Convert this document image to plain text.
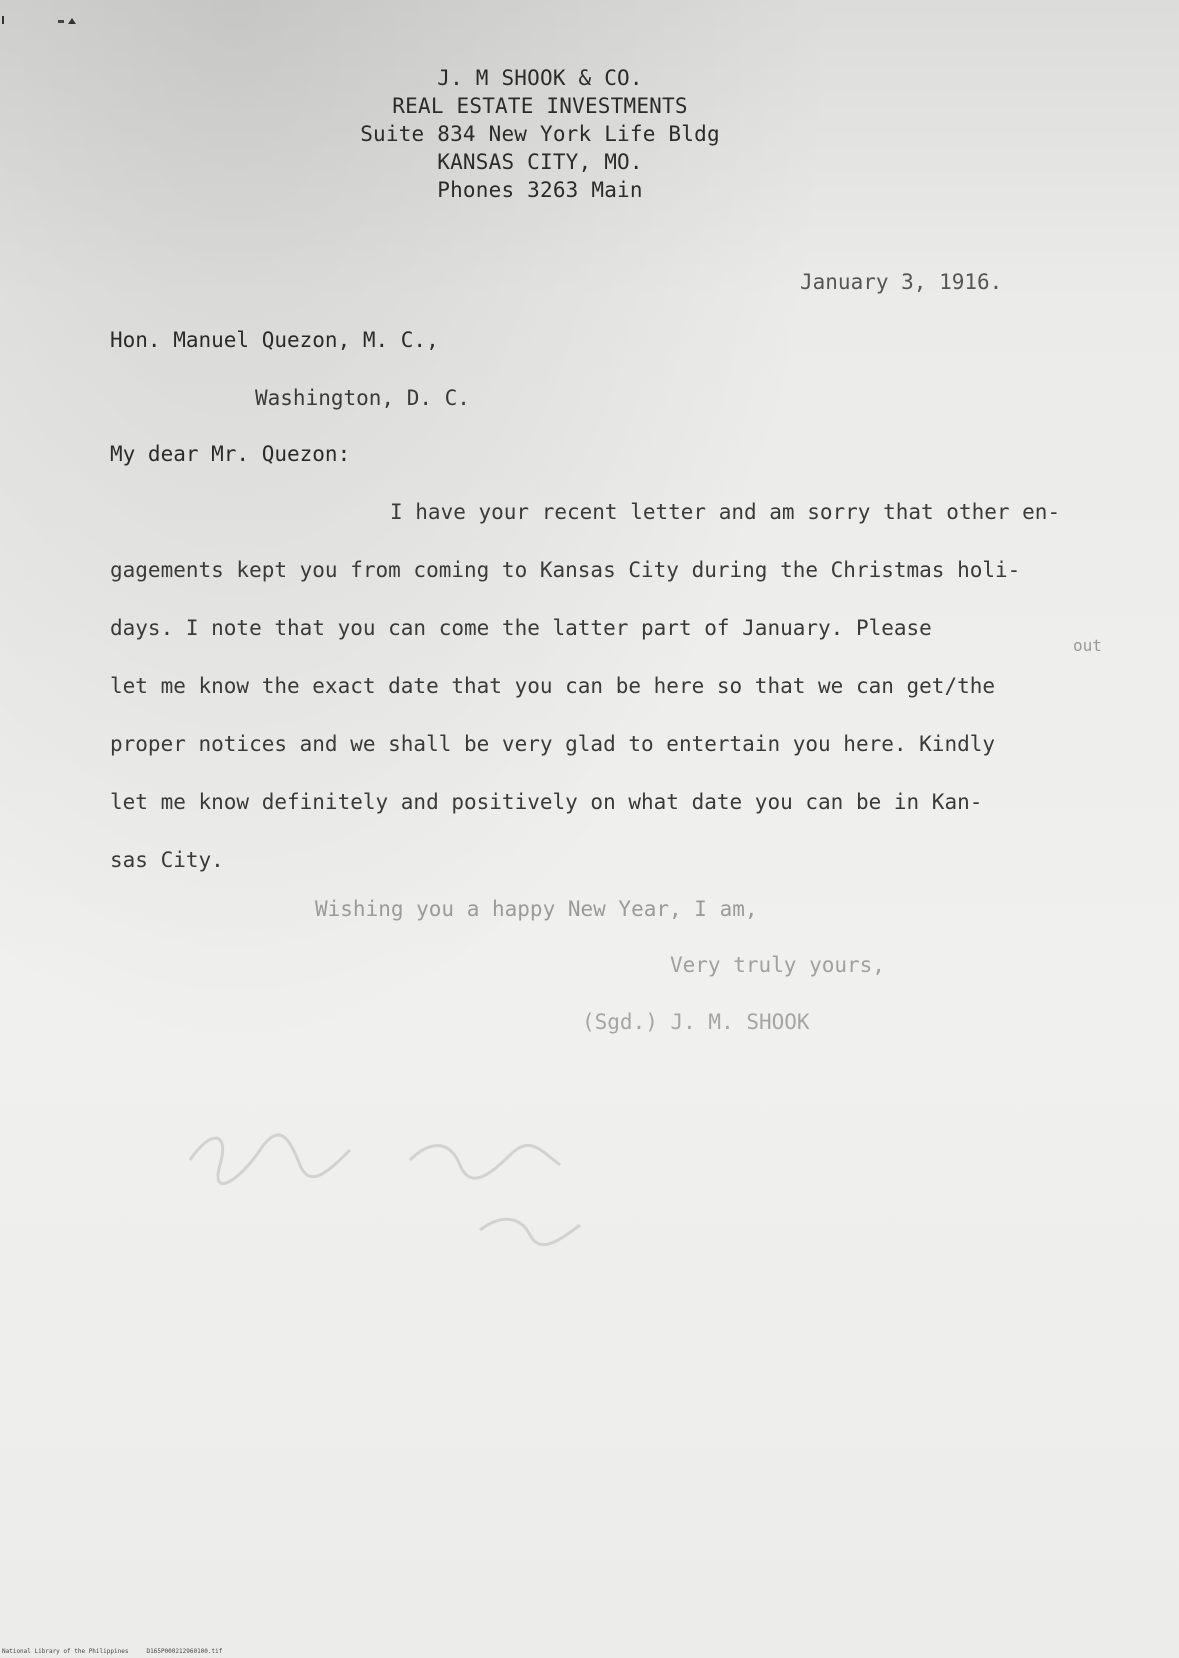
J. M SHOOK & CO.
REAL ESTATE INVESTMENTS
Suite 834 New York Life Bldg
KANSAS CITY, MO.
Phones 3263 Main
January 3, 1916.
Hon. Manuel Quezon, M. C.,
Washington, D. C.
My dear Mr. Quezon:
I have your recent letter and am sorry that other en-
gagements kept you from coming to Kansas City during the Christmas holi-
days. I note that you can come the latter part of January. Please
out
let me know the exact date that you can be here so that we can get/the
proper notices and we shall be very glad to entertain you here. Kindly
let me know definitely and positively on what date you can be in Kan-
sas City.
Wishing you a happy New Year, I am,
Very truly yours,
(Sgd.) J. M. SHOOK
National Library of the Philippines	D165P000212960100.tif
